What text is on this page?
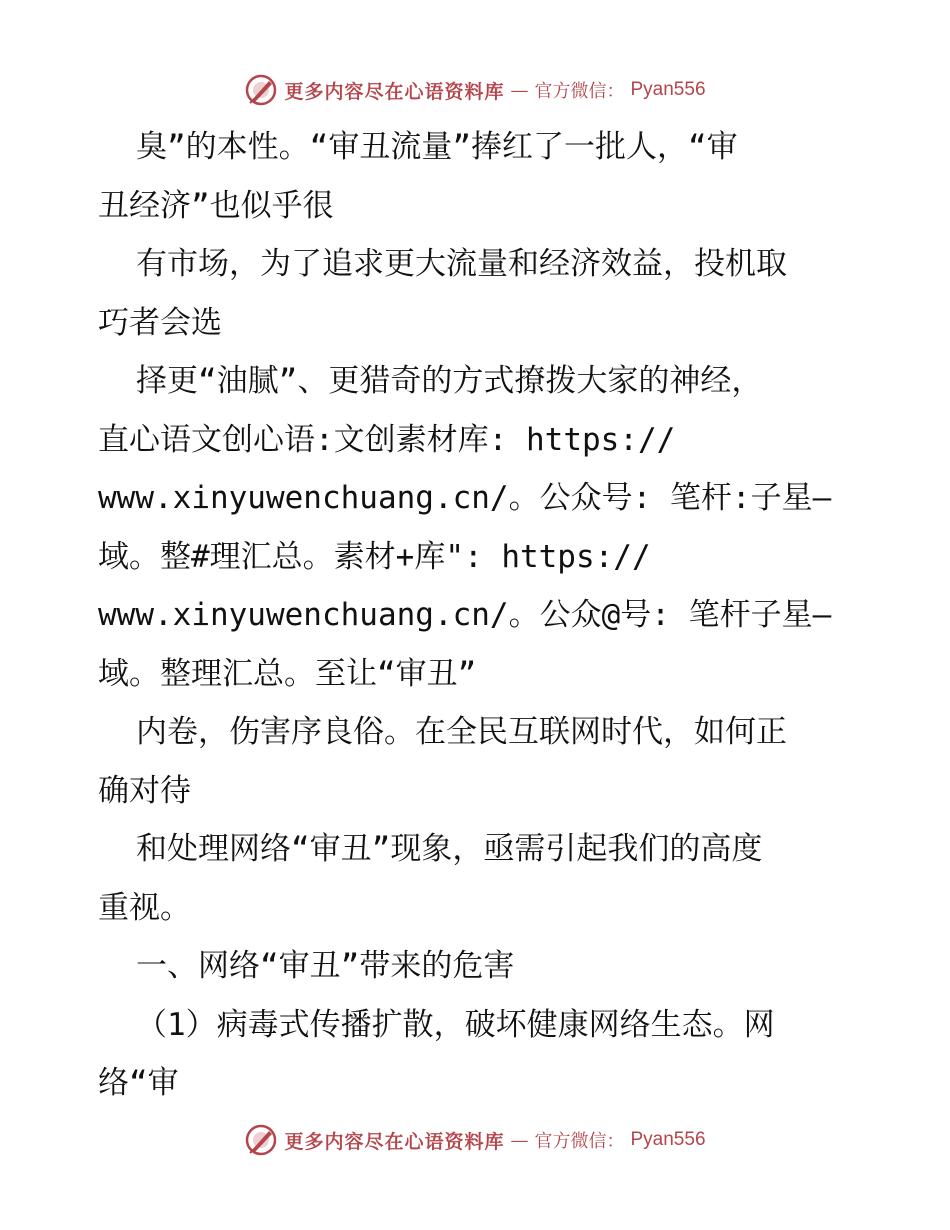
更多内容尽在心语资料库 — 官方微信： Pyan556
臭”的本性。“审丑流量”捧红了一批人，“审
丑经济”也似乎很
有市场，为了追求更大流量和经济效益，投机取
巧者会选
择更“油腻”、更猎奇的方式撩拨大家的神经，
直心语文创心语:文创素材库: https://
www.xinyuwenchuang.cn/。公众号: 笔杆:子星—
域。整#理汇总。素材+库": https://
www.xinyuwenchuang.cn/。公众@号: 笔杆子星—
域。整理汇总。至让“审丑”
内卷，伤害序良俗。在全民互联网时代，如何正
确对待
和处理网络“审丑”现象，亟需引起我们的高度
重视。
一、网络“审丑”带来的危害
（1）病毒式传播扩散，破坏健康网络生态。网
络“审
更多内容尽在心语资料库 — 官方微信： Pyan556
